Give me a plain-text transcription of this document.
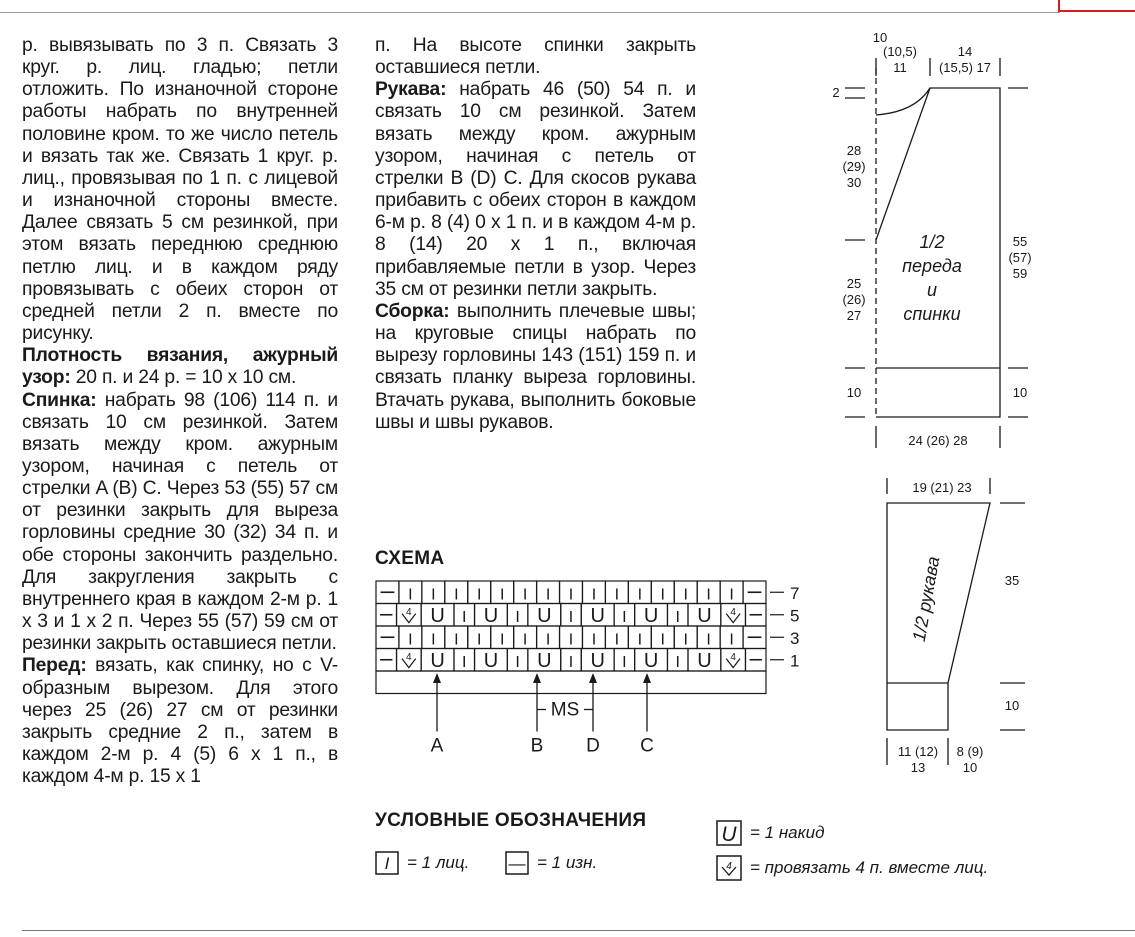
р. вывязывать по 3 п. Связать 3 круг. р. лиц. гладью; петли отложить. По изнаночной стороне работы набрать по внутренней половине кром. то же число петель и вязать так же. Связать 1 круг. р. лиц., провязывая по 1 п. с лицевой и изнаночной стороны вместе. Далее связать 5 см резинкой, при этом вязать переднюю среднюю петлю лиц. и в каждом ряду провязывать с обеих сторон от средней петли 2 п. вместе по рисунку.

Плотность вязания, ажурный узор: 20 п. и 24 р. = 10 х 10 см.

Спинка: набрать 98 (106) 114 п. и связать 10 см резинкой. Затем вязать между кром. ажурным узором, начиная с петель от стрелки A (B) C. Через 53 (55) 57 см от резинки закрыть для выреза горловины средние 30 (32) 34 п. и обе стороны закончить раздельно. Для закругления закрыть с внутреннего края в каждом 2-м р. 1 х 3 и 1 х 2 п. Через 55 (57) 59 см от резинки закрыть оставшиеся петли.

Перед: вязать, как спинку, но с V-образным вырезом. Для этого через 25 (26) 27 см от резинки закрыть средние 2 п., затем в каждом 2-м р. 4 (5) 6 х 1 п., в каждом 4-м р. 15 х 1

п. На высоте спинки закрыть оставшиеся петли.

Рукава: набрать 46 (50) 54 п. и связать 10 см резинкой. Затем вязать между кром. ажурным узором, начиная с петель от стрелки B (D) C. Для скосов рукава прибавить с обеих сторон в каждом 6-м р. 8 (4) 0 х 1 п. и в каждом 4-м р. 8 (14) 20 х 1 п., включая прибавляемые петли в узор. Через 35 см от резинки петли закрыть.

Сборка: выполнить плечевые швы; на круговые спицы набрать по вырезу горловины 143 (151) 159 п. и связать планку выреза горловины. Втачать рукава, выполнить боковые швы и швы рукавов.

СХЕМА
I I I I I I I I I I I I I I I	7
4 U I U I U I U I U I U 4	5
I I I I I I I I I I I I I I I	3
4 U I U I U I U I U I U 4	1
A	B D C
MS
УСЛОВНЫЕ ОБОЗНАЧЕНИЯ
I = 1 лиц. — = 1 изн.
U = 1 накид
4 = провязать 4 п. вместе лиц.
10
(10,5)
11
14
(15,5) 17
2
28
(29)
30
25
(26)
27
10
55
(57)
59
10
24 (26) 28
1/2
переда
и
спинки
19 (21) 23
35
10
11 (12)
13
8 (9)
10
1/2 рукава
